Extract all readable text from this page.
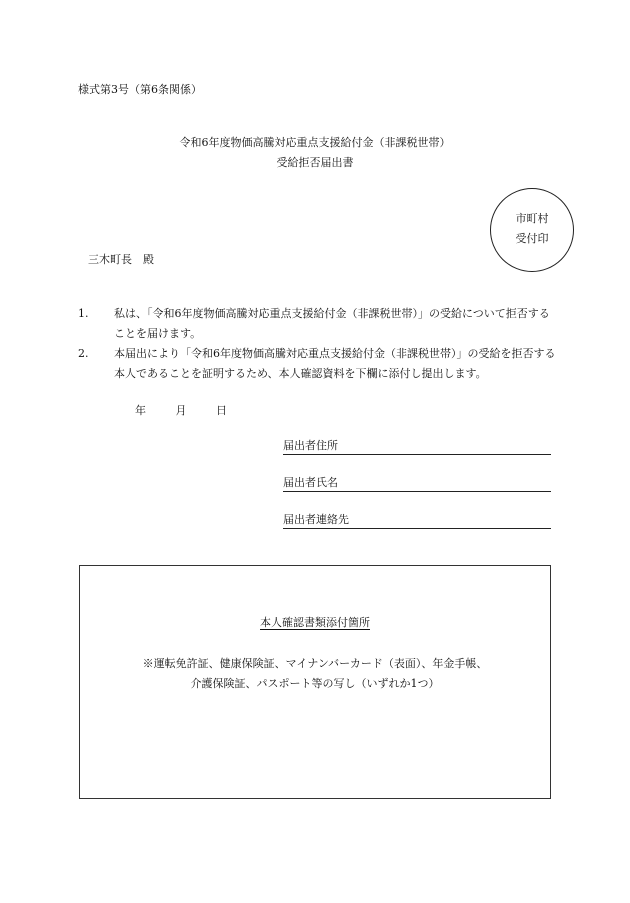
様式第3号（第6条関係）
令和6年度物価高騰対応重点支援給付金（非課税世帯）
受給拒否届出書
市町村
受付印
三木町長　殿
1. 私は、「令和6年度物価高騰対応重点支援給付金（非課税世帯）」の受給について拒否することを届けます。
2. 本届出により「令和6年度物価高騰対応重点支援給付金（非課税世帯）」の受給を拒否する本人であることを証明するため、本人確認資料を下欄に添付し提出します。
年	月	日
届出者住所
届出者氏名
届出者連絡先
本人確認書類添付箇所
※運転免許証、健康保険証、マイナンバーカード（表面）、年金手帳、
介護保険証、パスポート等の写し（いずれか1つ）
